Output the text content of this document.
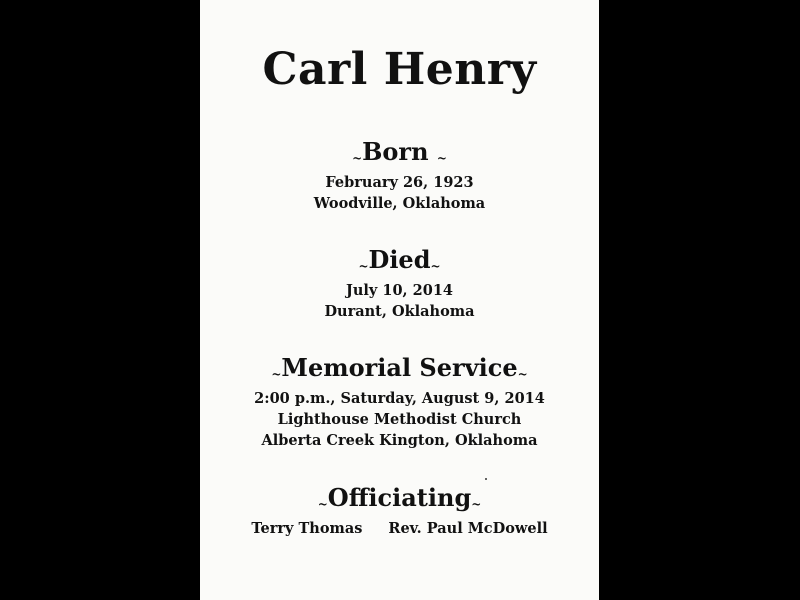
Carl Henry
~Born ~
February 26, 1923
Woodville, Oklahoma
~Died~
July 10, 2014
Durant, Oklahoma
~Memorial Service~
2:00 p.m., Saturday, August 9, 2014
Lighthouse Methodist Church
Alberta Creek Kington, Oklahoma
~Officiating~
Terry Thomas Rev. Paul McDowell
